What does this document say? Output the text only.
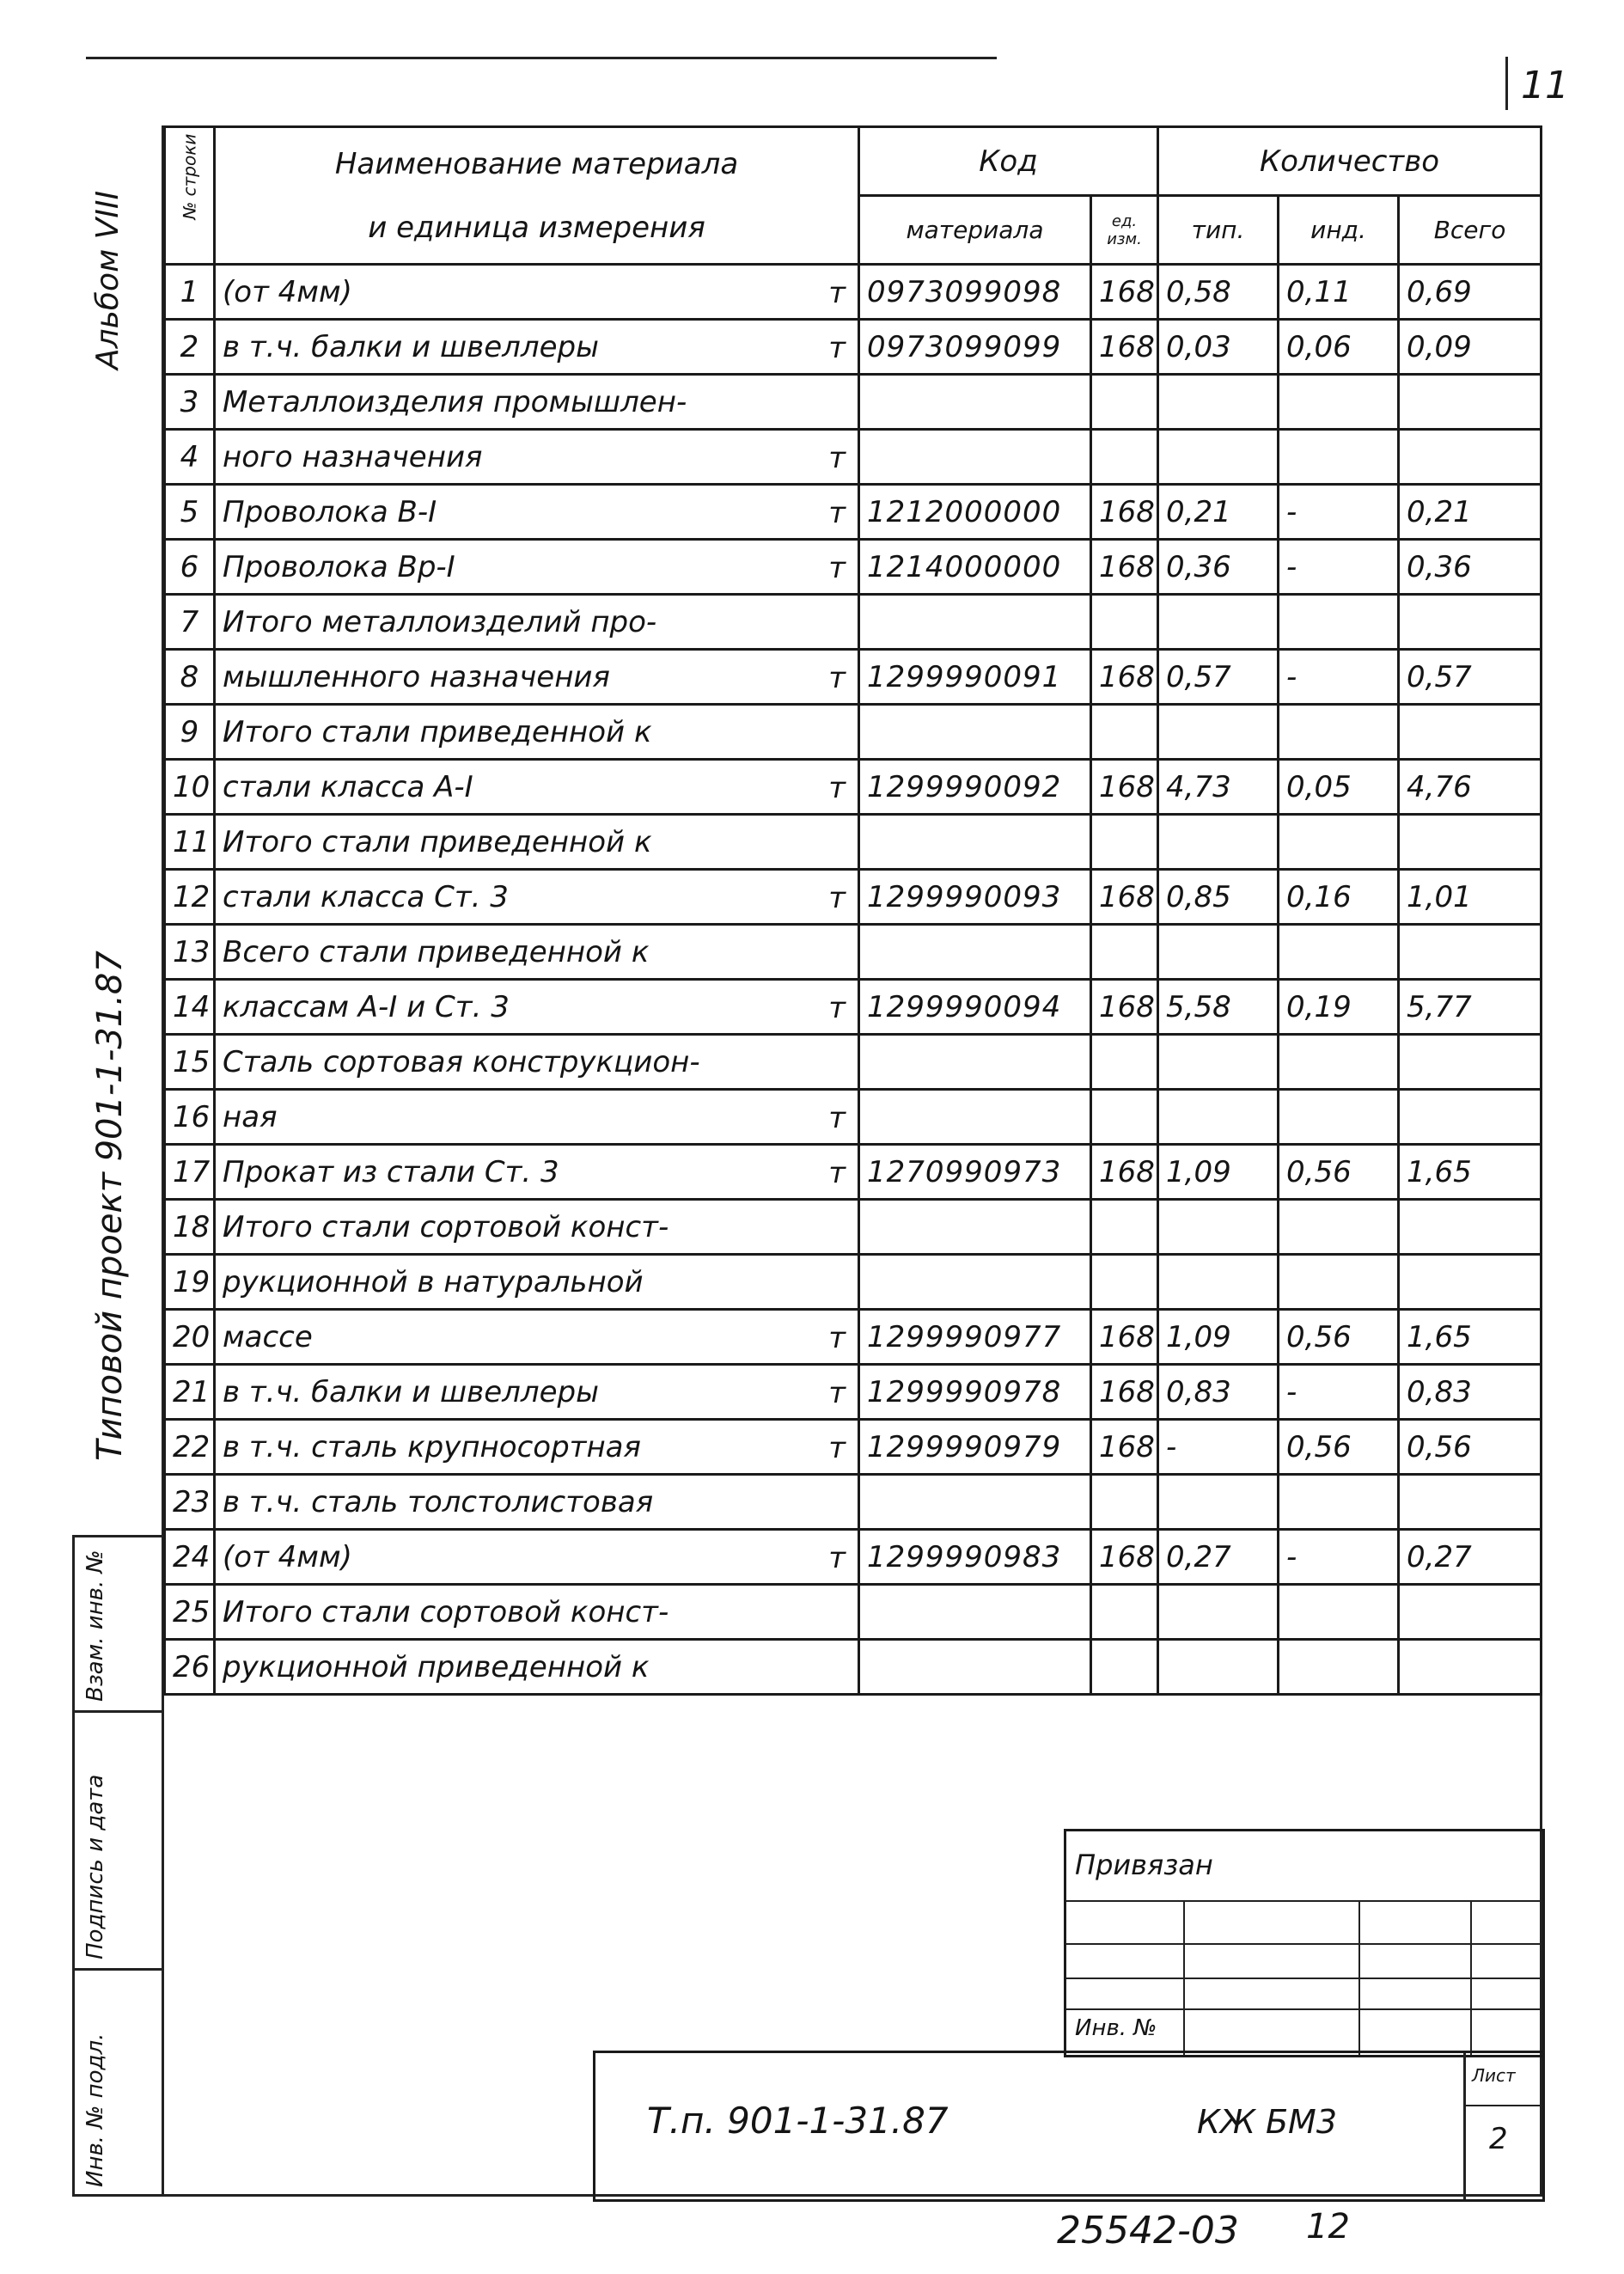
11
Альбом VIII
Типовой проект 901-1-31.87
Взам. инв. №
Подпись и дата
Инв. № подл.
№ строки	Наименование материала
и единица измерения	Код		Количество		
		материала	ед. изм.	тип.	инд.	Всего
1	(от 4мм) т	0973099098	168	0,58	0,11	0,69
2	в т.ч. балки и швеллеры т	0973099099	168	0,03	0,06	0,09
3	Металлоизделия промышлен-

4	ного назначения т					

5	Проволока В-I т	1212000000	168	0,21	-	0,21
6	Проволока Вр-I т	1214000000	168	0,36	-	0,36
7	Итого металлоизделий про-

8	мышленного назначения т	1299990091	168	0,57	-	0,57
9	Итого стали приведенной к

10	стали класса А-I т	1299990092	168	4,73	0,05	4,76
11	Итого стали приведенной к

12	стали класса Ст. 3 т	1299990093	168	0,85	0,16	1,01
13	Всего стали приведенной к

14	классам А-I и Ст. 3 т	1299990094	168	5,58	0,19	5,77
15	Сталь сортовая конструкцион-

16	ная т					

17	Прокат из стали Ст. 3 т	1270990973	168	1,09	0,56	1,65
18	Итого стали сортовой конст-

19	рукционной в натуральной

20	массе т	1299990977	168	1,09	0,56	1,65
21	в т.ч. балки и швеллеры т	1299990978	168	0,83	-	0,83
22	в т.ч. сталь крупносортная т	1299990979	168	-	0,56	0,56
23	в т.ч. сталь толстолистовая

24	(от 4мм) т	1299990983	168	0,27	-	0,27
25	Итого стали сортовой конст-

26	рукционной приведенной к

Привязан
Инв. №
Т.п. 901-1-31.87	КЖ БМ3
Лист
2
25542-03 12
